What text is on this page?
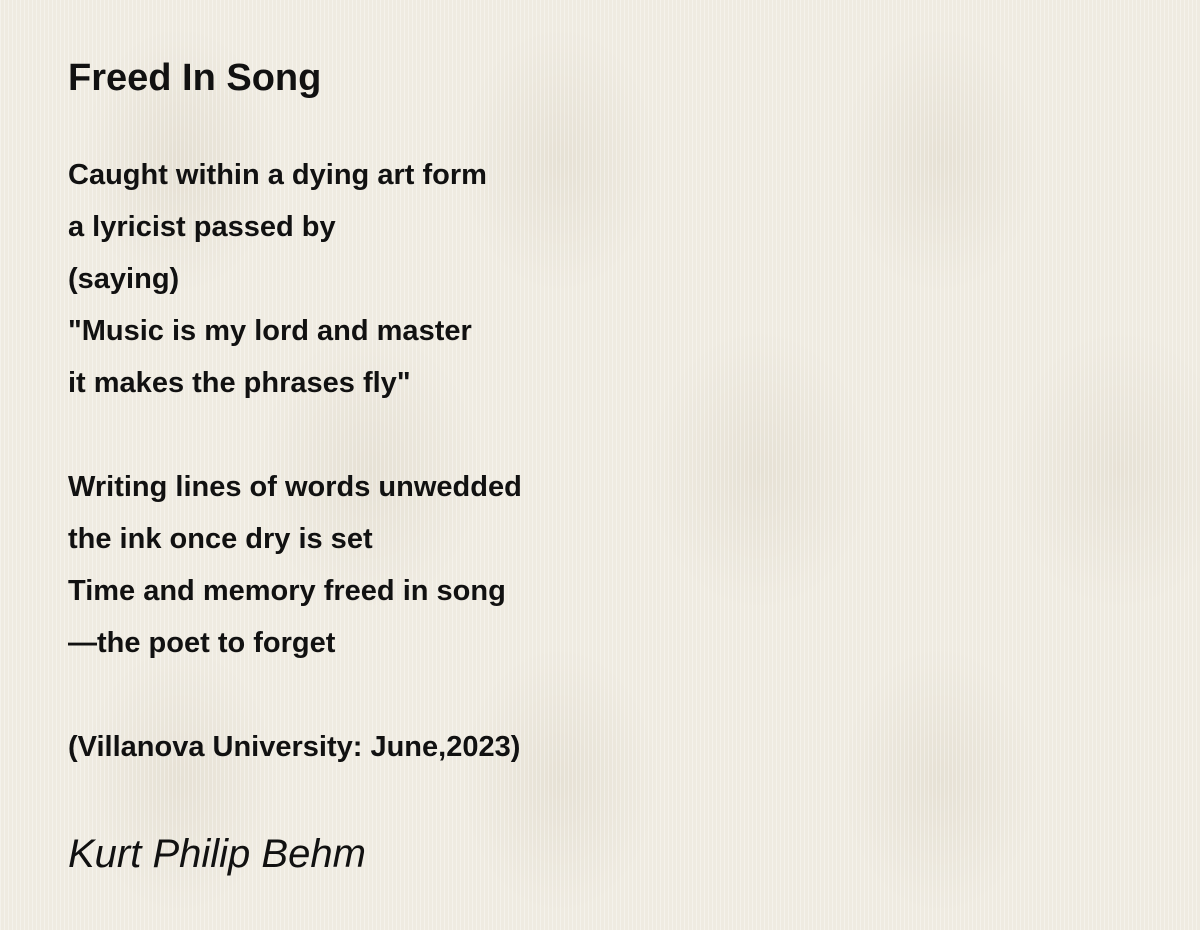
Freed In Song
Caught within a dying art form
a lyricist passed by
(saying)
"Music is my lord and master
it makes the phrases fly"
Writing lines of words unwedded
the ink once dry is set
Time and memory freed in song
—the poet to forget
(Villanova University: June,2023)
Kurt Philip Behm
